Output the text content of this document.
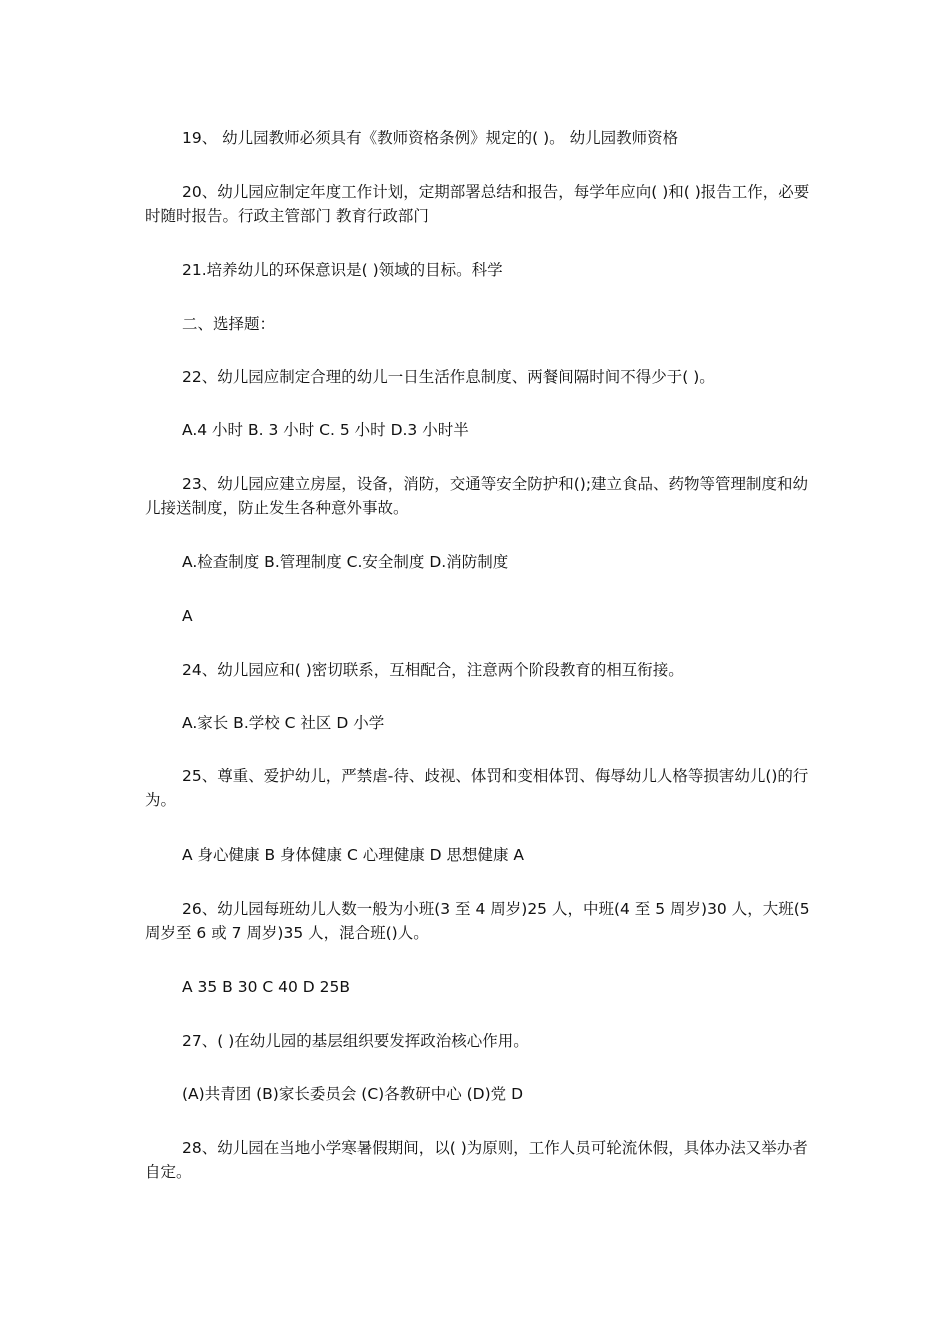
19、 幼儿园教师必须具有《教师资格条例》规定的( )。 幼儿园教师资格

20、幼儿园应制定年度工作计划，定期部署总结和报告，每学年应向( )和( )报告工作，必要时随时报告。行政主管部门 教育行政部门

21.培养幼儿的环保意识是( )领域的目标。科学

二、选择题：

22、幼儿园应制定合理的幼儿一日生活作息制度、两餐间隔时间不得少于( )。

A.4 小时 B. 3 小时 C. 5 小时 D.3 小时半

23、幼儿园应建立房屋，设备，消防，交通等安全防护和();建立食品、药物等管理制度和幼儿接送制度，防止发生各种意外事故。

A.检查制度 B.管理制度 C.安全制度 D.消防制度

A

24、幼儿园应和( )密切联系，互相配合，注意两个阶段教育的相互衔接。

A.家长 B.学校 C 社区 D 小学

25、尊重、爱护幼儿，严禁虐-待、歧视、体罚和变相体罚、侮辱幼儿人格等损害幼儿()的行为。

A 身心健康 B 身体健康 C 心理健康 D 思想健康 A

26、幼儿园每班幼儿人数一般为小班(3 至 4 周岁)25 人，中班(4 至 5 周岁)30 人，大班(5 周岁至 6 或 7 周岁)35 人，混合班()人。

A 35 B 30 C 40 D 25B

27、( )在幼儿园的基层组织要发挥政治核心作用。

(A)共青团 (B)家长委员会 (C)各教研中心 (D)党 D

28、幼儿园在当地小学寒暑假期间，以( )为原则，工作人员可轮流休假，具体办法又举办者自定。
